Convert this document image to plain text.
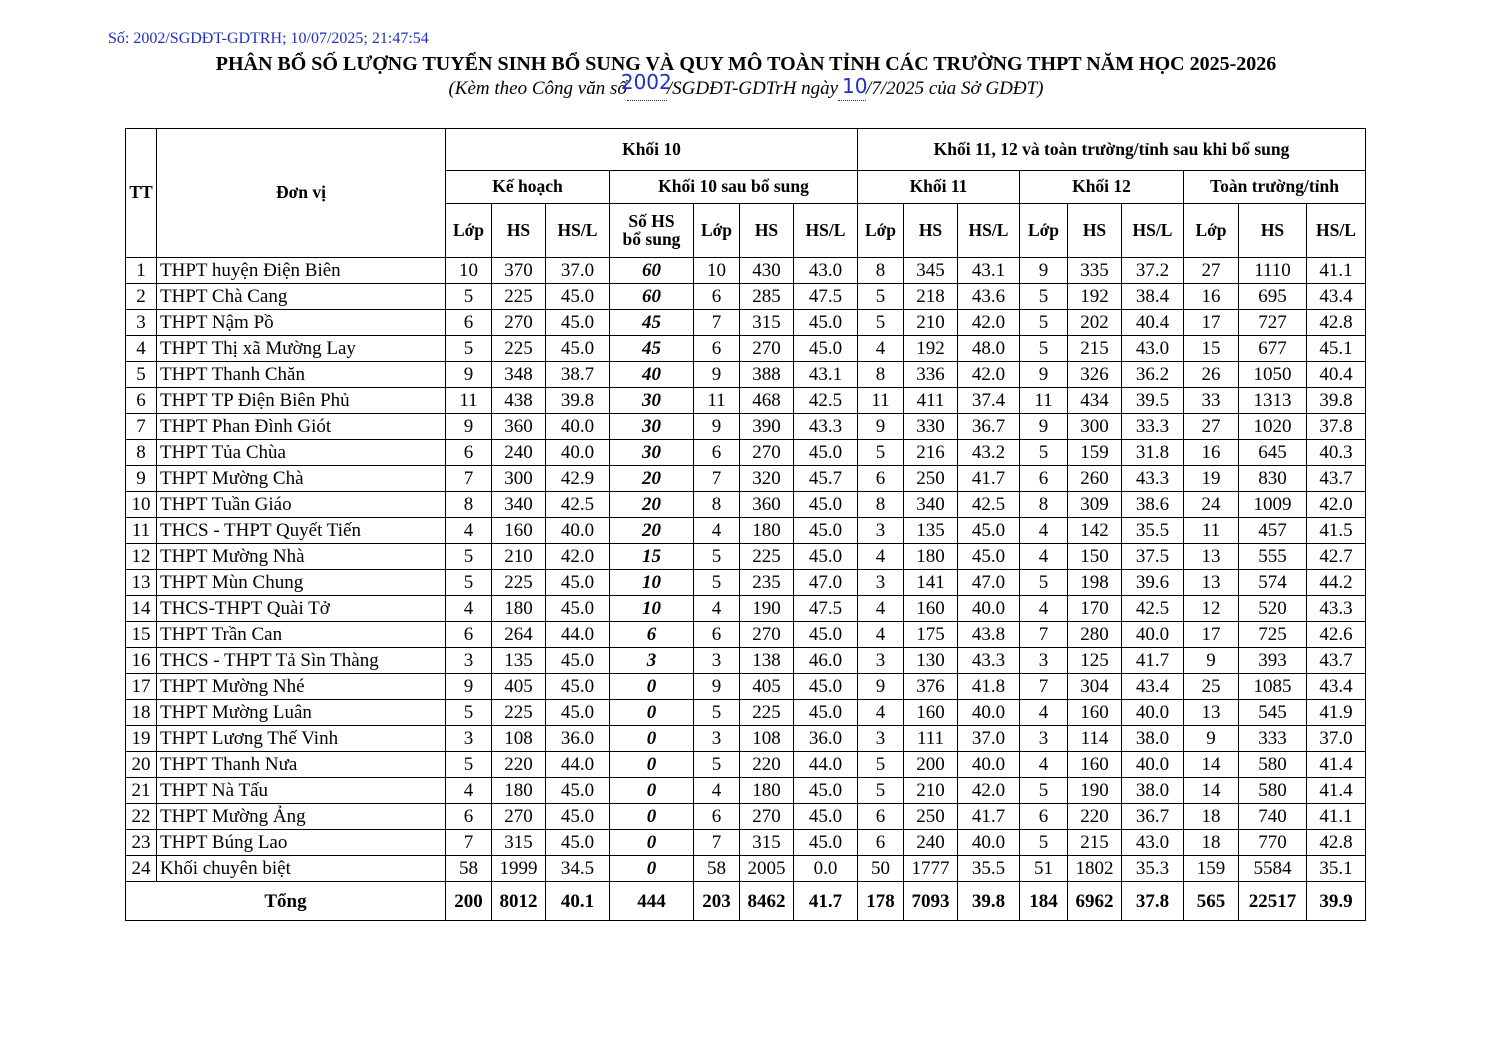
Số: 2002/SGDĐT-GDTRH; 10/07/2025; 21:47:54
PHÂN BỔ SỐ LƯỢNG TUYỂN SINH BỔ SUNG VÀ QUY MÔ TOÀN TỈNH CÁC TRƯỜNG THPT NĂM HỌC 2025-2026
(Kèm theo Công văn số
2002
/SGDĐT-GDTrH ngày 10
/7/2025 của Sở GDĐT)
TT	Đơn vị	Khối 10							Khối 11, 12 và toàn trường/tỉnh sau khi bổ sung								
		Kế hoạch			Khối 10 sau bổ sung				Khối 11			Khối 12			Toàn trường/tỉnh		
		Lớp	HS	HS/L	Số HS
bổ sung	Lớp	HS	HS/L	Lớp	HS	HS/L	Lớp	HS	HS/L	Lớp	HS	HS/L
1	THPT huyện Điện Biên	10	370	37.0	60	10	430	43.0	8	345	43.1	9	335	37.2	27	1110	41.1
2	THPT Chà Cang	5	225	45.0	60	6	285	47.5	5	218	43.6	5	192	38.4	16	695	43.4
3	THPT Nậm Pồ	6	270	45.0	45	7	315	45.0	5	210	42.0	5	202	40.4	17	727	42.8
4	THPT Thị xã Mường Lay	5	225	45.0	45	6	270	45.0	4	192	48.0	5	215	43.0	15	677	45.1
5	THPT Thanh Chăn	9	348	38.7	40	9	388	43.1	8	336	42.0	9	326	36.2	26	1050	40.4
6	THPT TP Điện Biên Phủ	11	438	39.8	30	11	468	42.5	11	411	37.4	11	434	39.5	33	1313	39.8
7	THPT Phan Đình Giót	9	360	40.0	30	9	390	43.3	9	330	36.7	9	300	33.3	27	1020	37.8
8	THPT Tủa Chùa	6	240	40.0	30	6	270	45.0	5	216	43.2	5	159	31.8	16	645	40.3
9	THPT Mường Chà	7	300	42.9	20	7	320	45.7	6	250	41.7	6	260	43.3	19	830	43.7
10	THPT Tuần Giáo	8	340	42.5	20	8	360	45.0	8	340	42.5	8	309	38.6	24	1009	42.0
11	THCS - THPT Quyết Tiến	4	160	40.0	20	4	180	45.0	3	135	45.0	4	142	35.5	11	457	41.5
12	THPT Mường Nhà	5	210	42.0	15	5	225	45.0	4	180	45.0	4	150	37.5	13	555	42.7
13	THPT Mùn Chung	5	225	45.0	10	5	235	47.0	3	141	47.0	5	198	39.6	13	574	44.2
14	THCS-THPT Quài Tở	4	180	45.0	10	4	190	47.5	4	160	40.0	4	170	42.5	12	520	43.3
15	THPT Trần Can	6	264	44.0	6	6	270	45.0	4	175	43.8	7	280	40.0	17	725	42.6
16	THCS - THPT Tả Sìn Thàng	3	135	45.0	3	3	138	46.0	3	130	43.3	3	125	41.7	9	393	43.7
17	THPT Mường Nhé	9	405	45.0	0	9	405	45.0	9	376	41.8	7	304	43.4	25	1085	43.4
18	THPT Mường Luân	5	225	45.0	0	5	225	45.0	4	160	40.0	4	160	40.0	13	545	41.9
19	THPT Lương Thế Vinh	3	108	36.0	0	3	108	36.0	3	111	37.0	3	114	38.0	9	333	37.0
20	THPT Thanh Nưa	5	220	44.0	0	5	220	44.0	5	200	40.0	4	160	40.0	14	580	41.4
21	THPT Nà Tấu	4	180	45.0	0	4	180	45.0	5	210	42.0	5	190	38.0	14	580	41.4
22	THPT Mường Ảng	6	270	45.0	0	6	270	45.0	6	250	41.7	6	220	36.7	18	740	41.1
23	THPT Búng Lao	7	315	45.0	0	7	315	45.0	6	240	40.0	5	215	43.0	18	770	42.8
24	Khối chuyên biệt	58	1999	34.5	0	58	2005	0.0	50	1777	35.5	51	1802	35.3	159	5584	35.1
Tổng		200	8012	40.1	444	203	8462	41.7	178	7093	39.8	184	6962	37.8	565	22517	39.9
